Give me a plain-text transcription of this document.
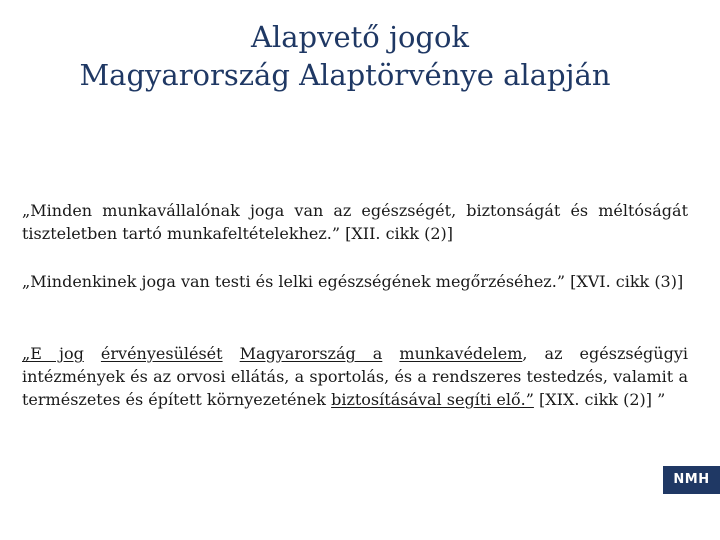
Alapvető jogok
Magyarország Alaptörvénye alapján

„Minden munkavállalónak joga van az egészségét, biztonságát és méltóságát tiszteletben tartó munkafeltételekhez.” [XII. cikk (2)]

„Mindenkinek joga van testi és lelki egészségének megőrzéséhez.” [XVI. cikk (3)]

„E jog érvényesülését Magyarország a munkavédelem, az egészségügyi intézmények és az orvosi ellátás, a sportolás, és a rendszeres testedzés, valamit a természetes és épített környezetének biztosításával segíti elő.” [XIX. cikk (2)] ”

NMH
